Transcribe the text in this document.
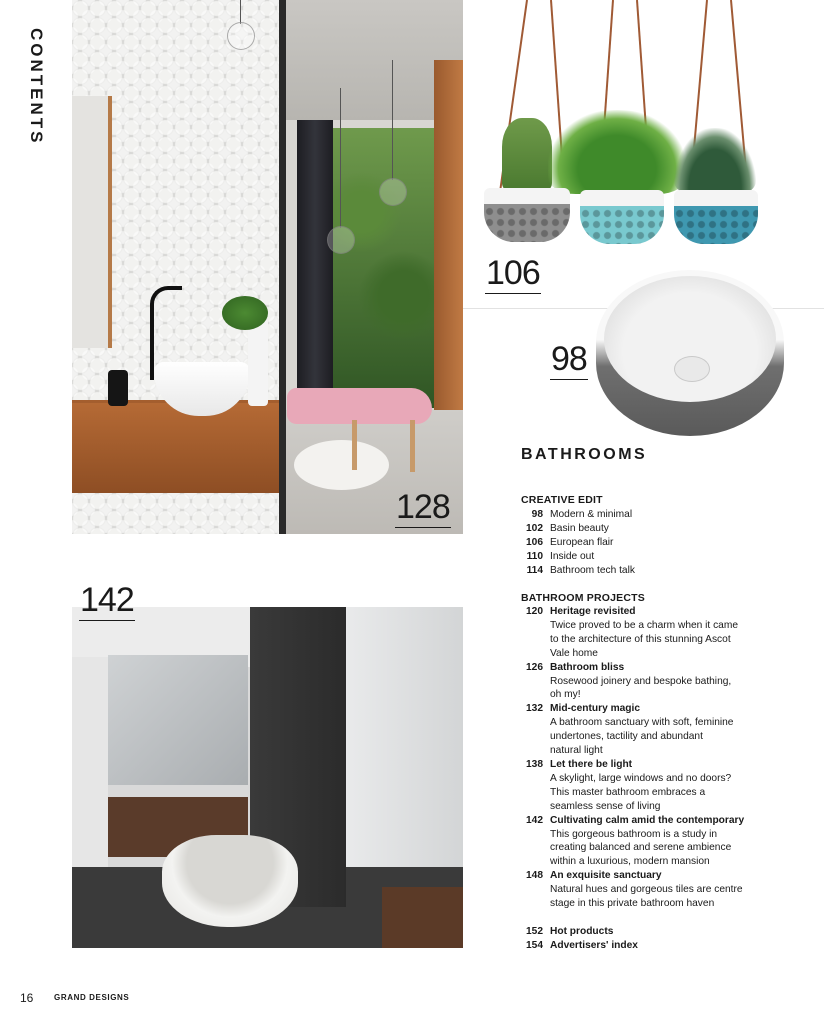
CONTENTS
106
98
128
142
BATHROOMS
CREATIVE EDIT
98 Modern & minimal
102 Basin beauty
106 European flair
110 Inside out
114 Bathroom tech talk
BATHROOM PROJECTS
120 Heritage revisited
Twice proved to be a charm when it came
to the architecture of this stunning Ascot
Vale home
126 Bathroom bliss
Rosewood joinery and bespoke bathing,
oh my!
132 Mid-century magic
A bathroom sanctuary with soft, feminine
undertones, tactility and abundant
natural light
138 Let there be light
A skylight, large windows and no doors?
This master bathroom embraces a
seamless sense of living
142 Cultivating calm amid the contemporary
This gorgeous bathroom is a study in
creating balanced and serene ambience
within a luxurious, modern mansion
148 An exquisite sanctuary
Natural hues and gorgeous tiles are centre
stage in this private bathroom haven
152 Hot products
154 Advertisers' index
16	GRAND DESIGNS
